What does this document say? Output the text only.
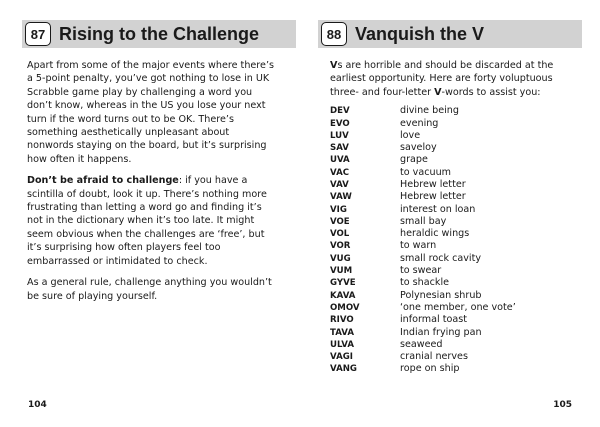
87 Rising to the Challenge

Apart from some of the major events where there’s a 5-point penalty, you’ve got nothing to lose in UK Scrabble game play by challenging a word you don’t know, whereas in the US you lose your next turn if the word turns out to be OK. There’s something aesthetically unpleasant about nonwords staying on the board, but it’s surprising how often it happens.

Don’t be afraid to challenge: if you have a scintilla of doubt, look it up. There’s nothing more frustrating than letting a word go and finding it’s not in the dictionary when it’s too late. It might seem obvious when the challenges are ‘free’, but it’s surprising how often players feel too embarrassed or intimidated to check.

As a general rule, challenge anything you wouldn’t be sure of playing yourself.

104
88 Vanquish the V

Vs are horrible and should be discarded at the earliest opportunity. Here are forty voluptuous three- and four-letter V-words to assist you:

DEV	divine being
EVO	evening
LUV	love
SAV	saveloy
UVA	grape
VAC	to vacuum
VAV	Hebrew letter
VAW	Hebrew letter
VIG	interest on loan
VOE	small bay
VOL	heraldic wings
VOR	to warn
VUG	small rock cavity
VUM	to swear
GYVE	to shackle
KAVA	Polynesian shrub
OMOV	‘one member, one vote’
RIVO	informal toast
TAVA	Indian frying pan
ULVA	seaweed
VAGI	cranial nerves
VANG	rope on ship
105
